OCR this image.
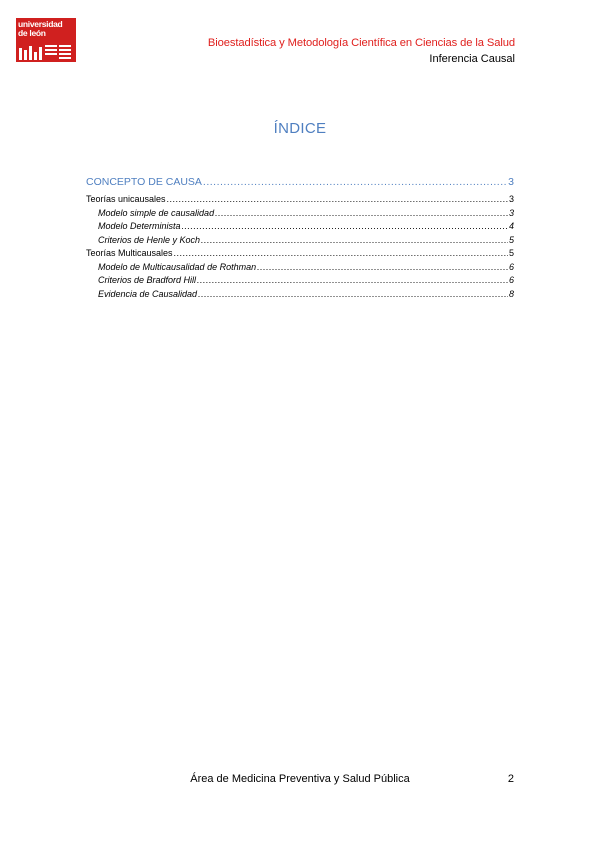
universidad
de león
Bioestadística y Metodología Científica en Ciencias de la Salud
Inferencia Causal
ÍNDICE
CONCEPTO DE CAUSA .....	3
Teorías unicausales .....	3
Modelo simple de causalidad .....	3
Modelo Determinista .....	4
Criterios de Henle y Koch .....	5
Teorías Multicausales .....	5
Modelo de Multicausalidad de Rothman .....	6
Criterios de Bradford Hill .....	6
Evidencia de Causalidad .....	8
Área de Medicina Preventiva y Salud Pública	2
